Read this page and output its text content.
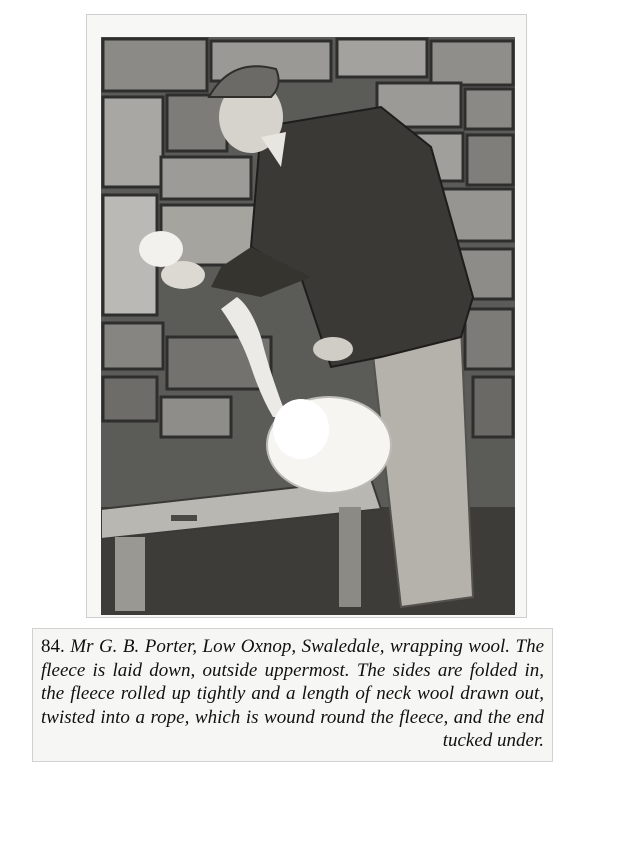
84. Mr G. B. Porter, Low Oxnop, Swaledale, wrapping wool. The fleece is laid down, outside uppermost. The sides are folded in, the fleece rolled up tightly and a length of neck wool drawn out, twisted into a rope, which is wound round the fleece, and the end tucked under.
